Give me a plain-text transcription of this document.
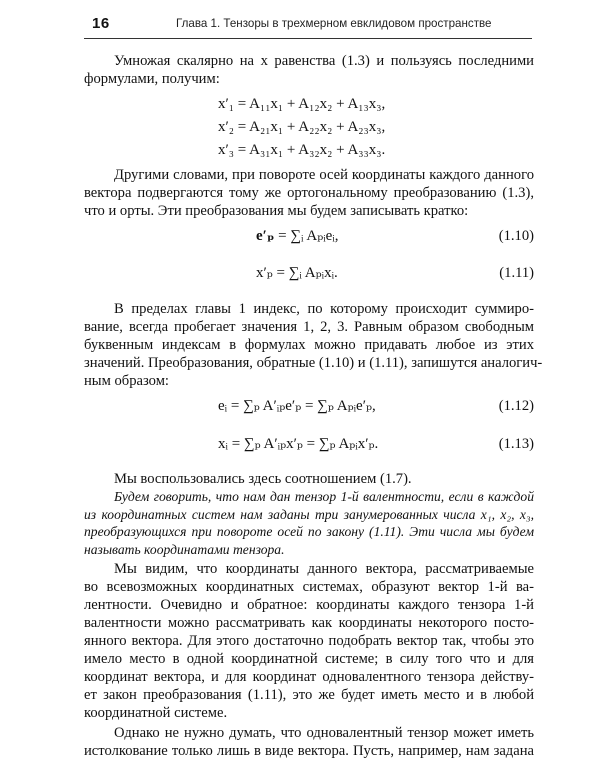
16	Глава 1. Тензоры в трехмерном евклидовом пространстве
Умножая скалярно на x равенства (1.3) и пользуясь последними
формулами, получим:
x′₁ = A₁₁x₁ + A₁₂x₂ + A₁₃x₃,
x′₂ = A₂₁x₁ + A₂₂x₂ + A₂₃x₃,
x′₃ = A₃₁x₁ + A₃₂x₂ + A₃₃x₃.
Другими словами, при повороте осей координаты каждого данного
вектора подвергаются тому же ортогональному преобразованию (1.3),
что и орты. Эти преобразования мы будем записывать кратко:
e′ₚ = ∑ᵢ Aₚᵢeᵢ,	(1.10)
x′ₚ = ∑ᵢ Aₚᵢxᵢ.	(1.11)
В пределах главы 1 индекс, по которому происходит суммиро-
вание, всегда пробегает значения 1, 2, 3. Равным образом свободным
буквенным индексам в формулах можно придавать любое из этих
значений. Преобразования, обратные (1.10) и (1.11), запишутся аналогич-
ным образом:
eᵢ = ∑ₚ A′ᵢₚe′ₚ = ∑ₚ Aₚᵢe′ₚ,	(1.12)
xᵢ = ∑ₚ A′ᵢₚx′ₚ = ∑ₚ Aₚᵢx′ₚ.	(1.13)
Мы воспользовались здесь соотношением (1.7).
Будем говорить, что нам дан тензор 1-й валентности, если в каждой
из координатных систем нам заданы три занумерованных числа x₁, x₂, x₃,
преобразующихся при повороте осей по закону (1.11). Эти числа мы будем
называть координатами тензора.
Мы видим, что координаты данного вектора, рассматриваемые
во всевозможных координатных системах, образуют вектор 1-й ва-
лентности. Очевидно и обратное: координаты каждого тензора 1-й
валентности можно рассматривать как координаты некоторого посто-
янного вектора. Для этого достаточно подобрать вектор так, чтобы это
имело место в одной координатной системе; в силу того что и для
координат вектора, и для координат одновалентного тензора действу-
ет закон преобразования (1.11), это же будет иметь место и в любой
координатной системе.
Однако не нужно думать, что одновалентный тензор может иметь
истолкование только лишь в виде вектора. Пусть, например, нам задана
